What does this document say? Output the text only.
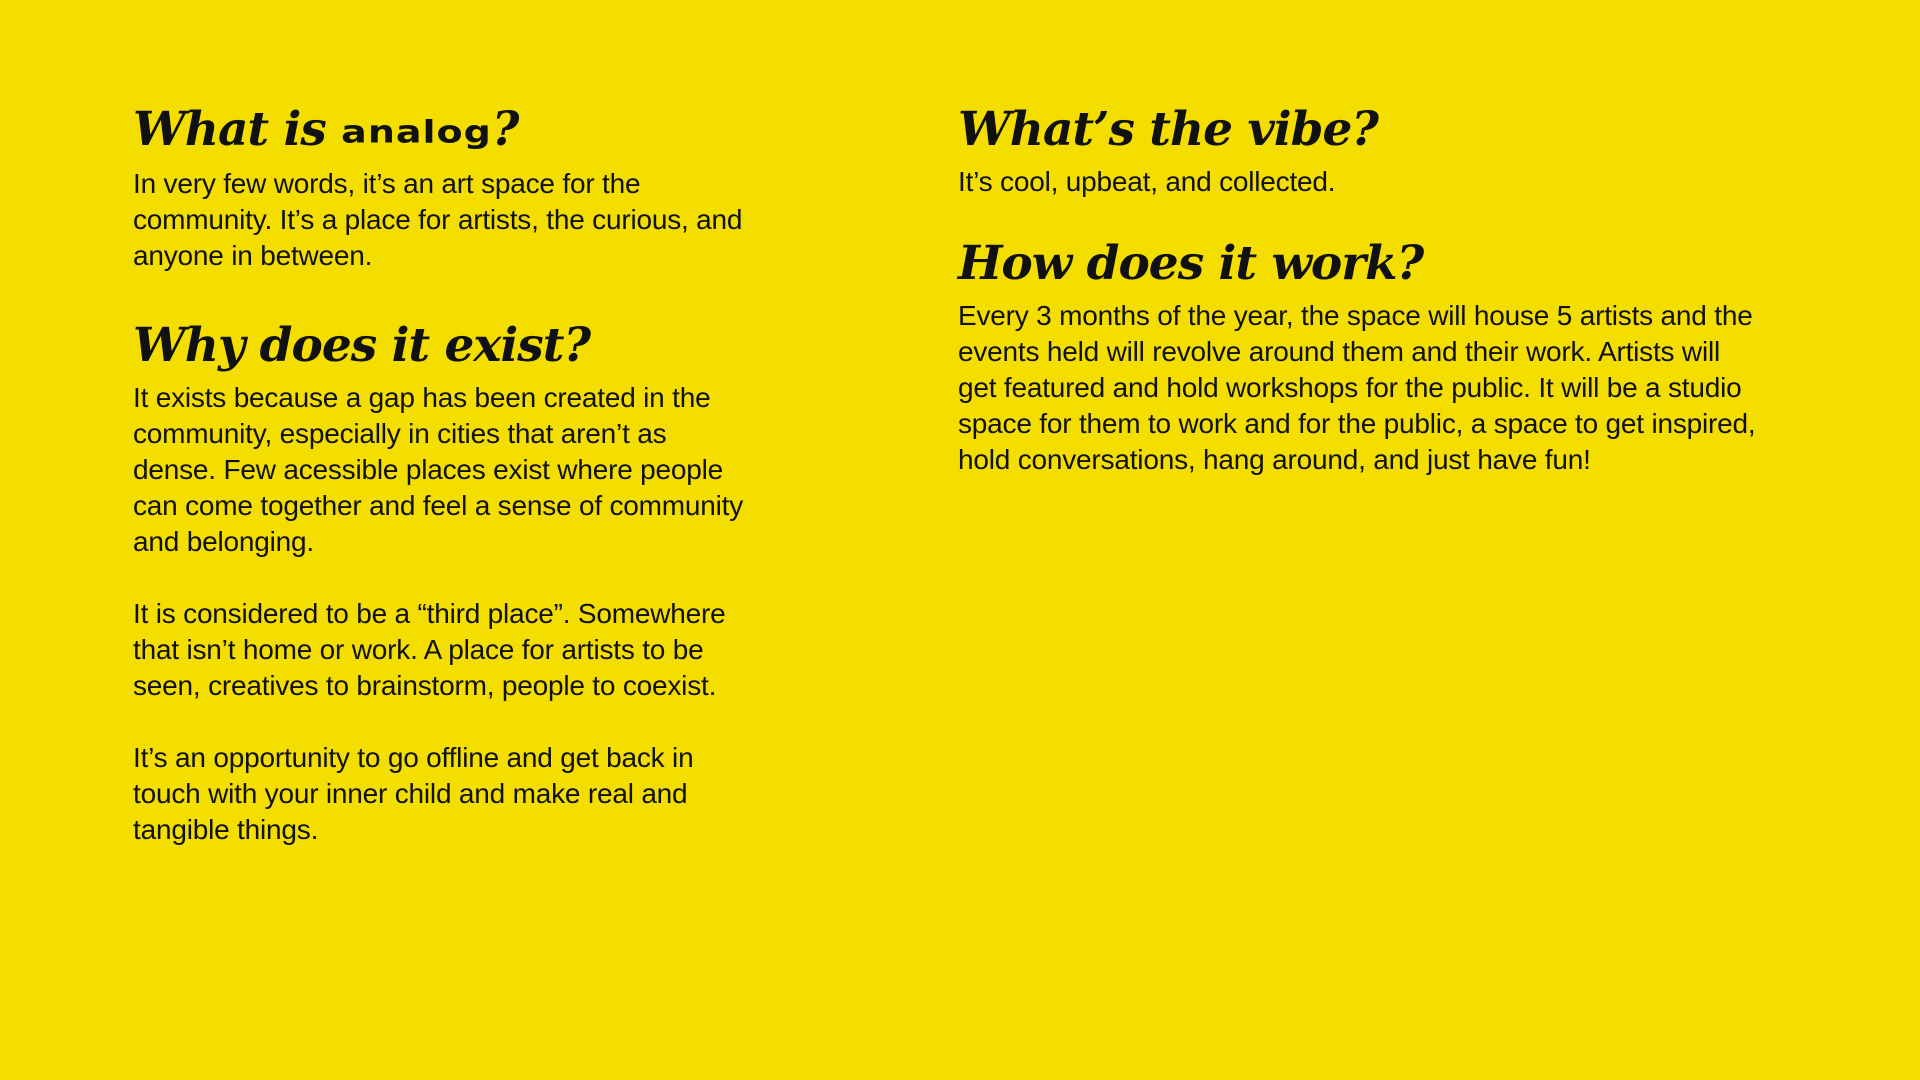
What is analog?

In very few words, it’s an art space for the community. It’s a place for artists, the curious, and anyone in between.

Why does it exist?

It exists because a gap has been created in the community, especially in cities that aren’t as dense. Few acessible places exist where people can come together and feel a sense of community and belonging.

It is considered to be a “third place”. Somewhere that isn’t home or work. A place for artists to be seen, creatives to brainstorm, people to coexist.

It’s an opportunity to go offline and get back in touch with your inner child and make real and tangible things.

What’s the vibe?

It’s cool, upbeat, and collected.

How does it work?

Every 3 months of the year, the space will house 5 artists and the events held will revolve around them and their work. Artists will get featured and hold workshops for the public. It will be a studio space for them to work and for the public, a space to get inspired, hold conversations, hang around, and just have fun!
